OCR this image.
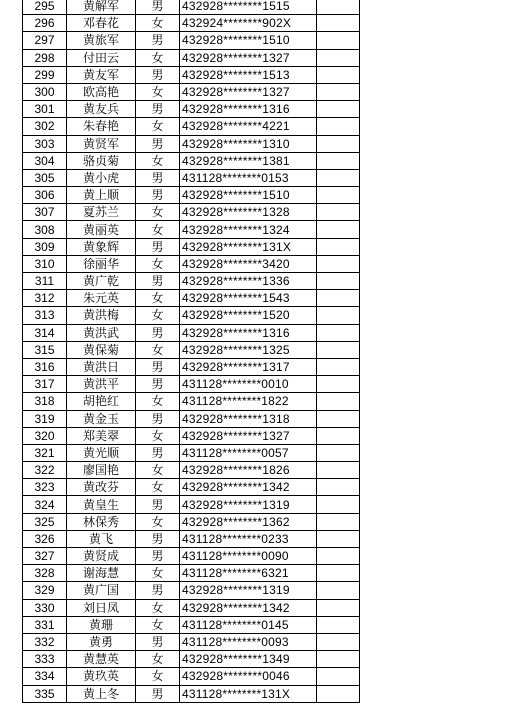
295	黄解军	男	432928********1515	
296	邓春花	女	432924********902X	
297	黄旅军	男	432928********1510	
298	付田云	女	432928********1327	
299	黄友军	男	432928********1513	
300	欧高艳	女	432928********1327	
301	黄友兵	男	432928********1316	
302	朱春艳	女	432928********4221	
303	黄贤军	男	432928********1310	
304	骆贞菊	女	432928********1381	
305	黄小虎	男	431128********0153	
306	黄上顺	男	432928********1510	
307	夏苏兰	女	432928********1328	
308	黄丽英	女	432928********1324	
309	黄象辉	男	432928********131X	
310	徐丽华	女	432928********3420	
311	黄广乾	男	432928********1336	
312	朱元英	女	432928********1543	
313	黄洪梅	女	432928********1520	
314	黄洪武	男	432928********1316	
315	黄保菊	女	432928********1325	
316	黄洪日	男	432928********1317	
317	黄洪平	男	431128********0010	
318	胡艳红	女	431128********1822	
319	黄金玉	男	432928********1318	
320	郑美翠	女	432928********1327	
321	黄光顺	男	431128********0057	
322	廖国艳	女	432928********1826	
323	黄改芬	女	432928********1342	
324	黄皇生	男	432928********1319	
325	林保秀	女	432928********1362	
326	黄飞	男	431128********0233	
327	黄贤成	男	431128********0090	
328	谢海慧	女	431128********6321	
329	黄广国	男	432928********1319	
330	刘日凤	女	432928********1342	
331	黄珊	女	431128********0145	
332	黄勇	男	431128********0093	
333	黄慧英	女	432928********1349	
334	黄玖英	女	432928********0046	
335	黄上冬	男	431128********131X	
